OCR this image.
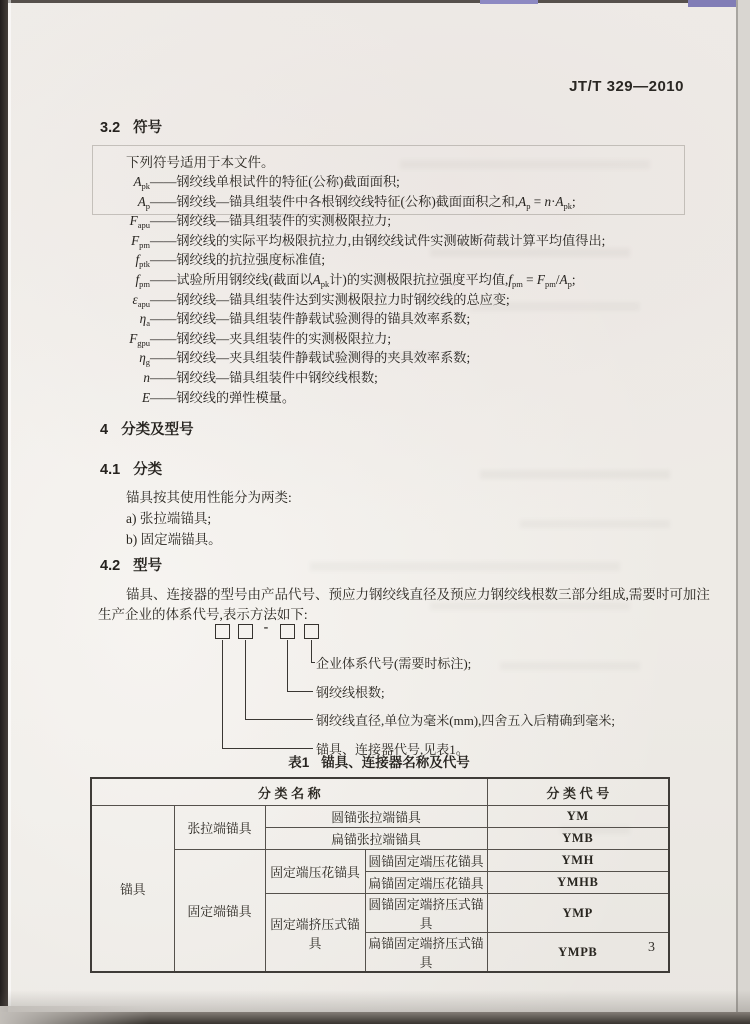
JT/T 329—2010
3.2 符号
下列符号适用于本文件。
$A_{pk}——$钢绞线单根试件的特征(公称)截面面积;
$A_p——$钢绞线—锚具组装件中各根钢绞线特征(公称)截面面积之和$,A_p = n\cdot A_{pk}$;
$F_{apu}——$钢绞线—锚具组装件的实测极限拉力;
$F_{pm}——$钢绞线的实际平均极限抗拉力,由钢绞线试件实测破断荷载计算平均值得出;
$f_{ptk}——$钢绞线的抗拉强度标准值;
$f_{pm}——$试验所用钢绞线(截面以$A_{pk}$计)的实测极限抗拉强度平均值$,f_{pm} = F_{pm}/A_p$;
$\varepsilon_{apu}——$钢绞线—锚具组装件达到实测极限拉力时钢绞线的总应变;
$\eta_a——$钢绞线—锚具组装件静载试验测得的锚具效率系数;
$F_{gpu}——$钢绞线—夹具组装件的实测极限拉力;
$\eta_g——$钢绞线—夹具组装件静载试验测得的夹具效率系数;
n——钢绞线—锚具组装件中钢绞线根数;
E——钢绞线的弹性模量。
4 分类及型号
4.1 分类
锚具按其使用性能分为两类:
a) 张拉端锚具;
b) 固定端锚具。
4.2 型号
锚具、连接器的型号由产品代号、预应力钢绞线直径及预应力钢绞线根数三部分组成,需要时可加注
生产企业的体系代号,表示方法如下:
-
企业体系代号(需要时标注);
钢绞线根数;
钢绞线直径,单位为毫米(mm),四舍五入后精确到毫米;
锚具、连接器代号,见表1。
表1 锚具、连接器名称及代号
分 类 名 称				分 类 代 号
锚具	张拉端锚具	圆锚张拉端锚具		YM
		扁锚张拉端锚具		YMB
	固定端锚具	固定端压花锚具	圆锚固定端压花锚具	YMH
			扁锚固定端压花锚具	YMHB
		固定端挤压式锚具	圆锚固定端挤压式锚具	YMP
			扁锚固定端挤压式锚具	YMPB	3
